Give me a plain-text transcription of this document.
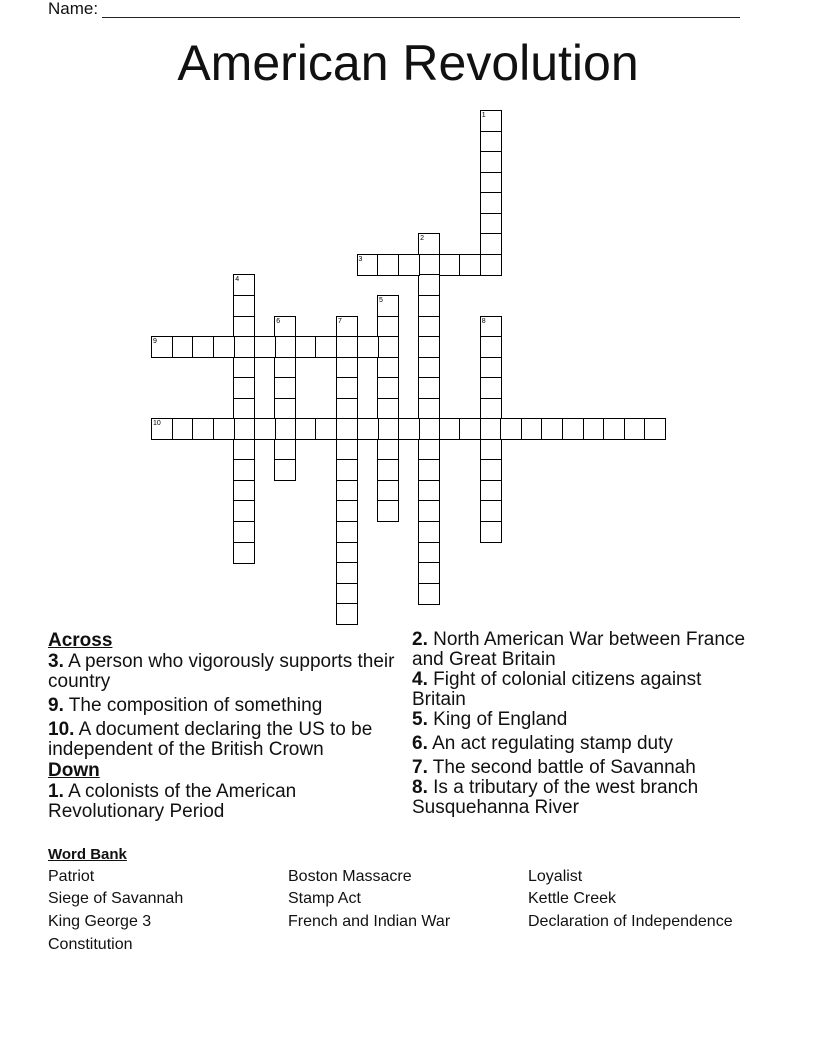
Name:
American Revolution
1
2
3
4
5
6	7	8
9
10

Across

3. A person who vigorously supports their country

9. The composition of something

10. A document declaring the US to be independent of the British Crown

Down

1. A colonists of the American Revolutionary Period

2. North American War between France and Great Britain

4. Fight of colonial citizens against Britain

5. King of England

6. An act regulating stamp duty

7. The second battle of Savannah

8. Is a tributary of the west branch Susquehanna River

Word Bank
Patriot	Boston Massacre	Loyalist
Siege of Savannah	Stamp Act	Kettle Creek
King George 3	French and Indian War	Declaration of Independence
Constitution
